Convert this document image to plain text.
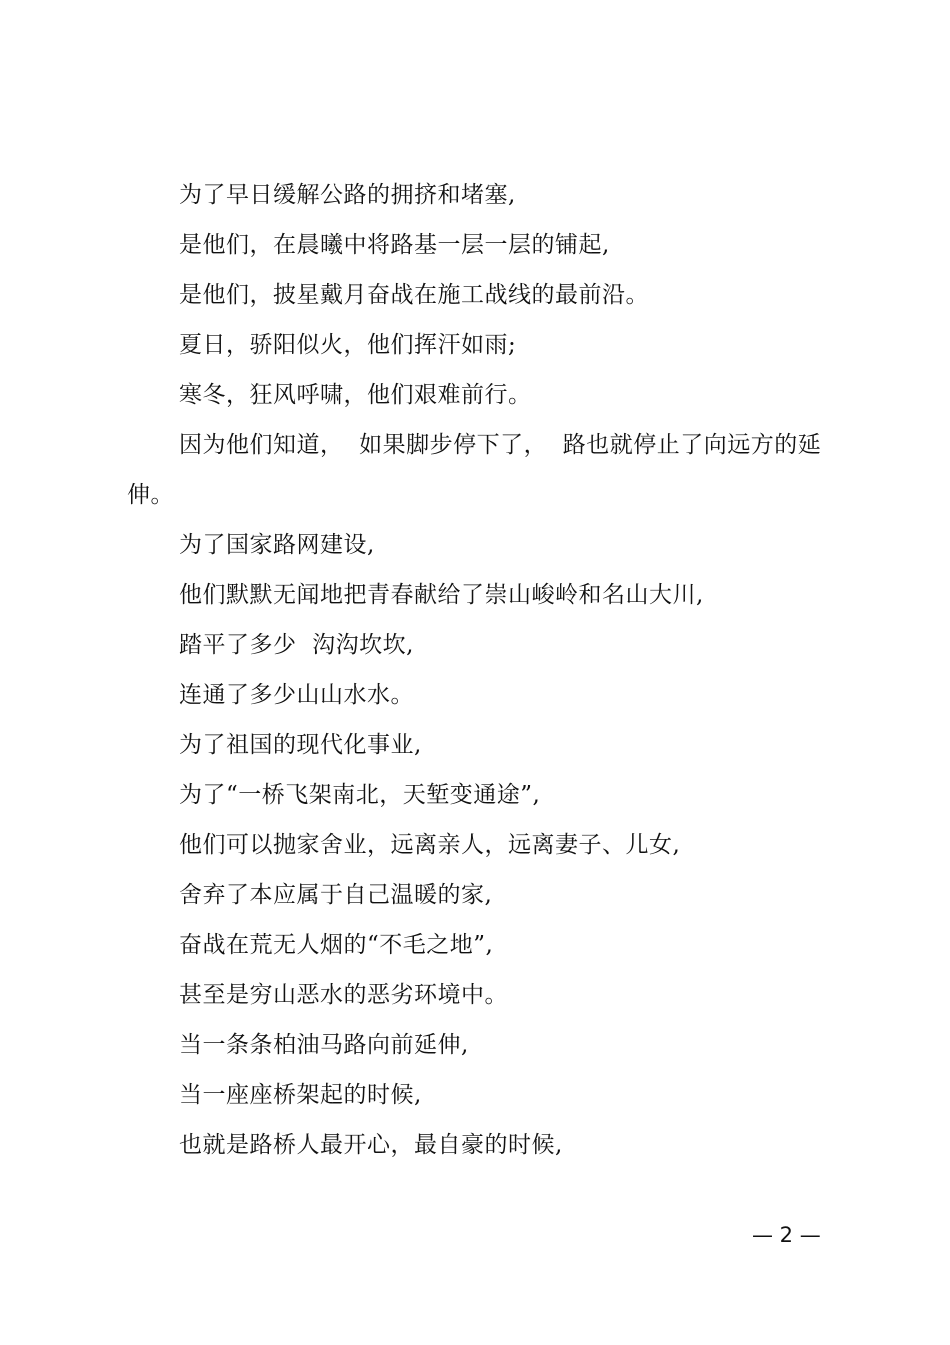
为了早日缓解公路的拥挤和堵塞,
是他们，在晨曦中将路基一层一层的铺起,
是他们，披星戴月奋战在施工战线的最前沿。
夏日，骄阳似火，他们挥汗如雨;
寒冬，狂风呼啸，他们艰难前行。
因为他们知道，  如果脚步停下了，  路也就停止了向远方的延
伸。
为了国家路网建设,
他们默默无闻地把青春献给了崇山峻岭和名山大川,
踏平了多少  沟沟坎坎,
连通了多少山山水水。
为了祖国的现代化事业,
为了“一桥飞架南北，天堑变通途”,
他们可以抛家舍业，远离亲人，远离妻子、儿女,
舍弃了本应属于自己温暖的家,
奋战在荒无人烟的“不毛之地”,
甚至是穷山恶水的恶劣环境中。
当一条条柏油马路向前延伸,
当一座座桥架起的时候,
也就是路桥人最开心，最自豪的时候,
— 2 —
